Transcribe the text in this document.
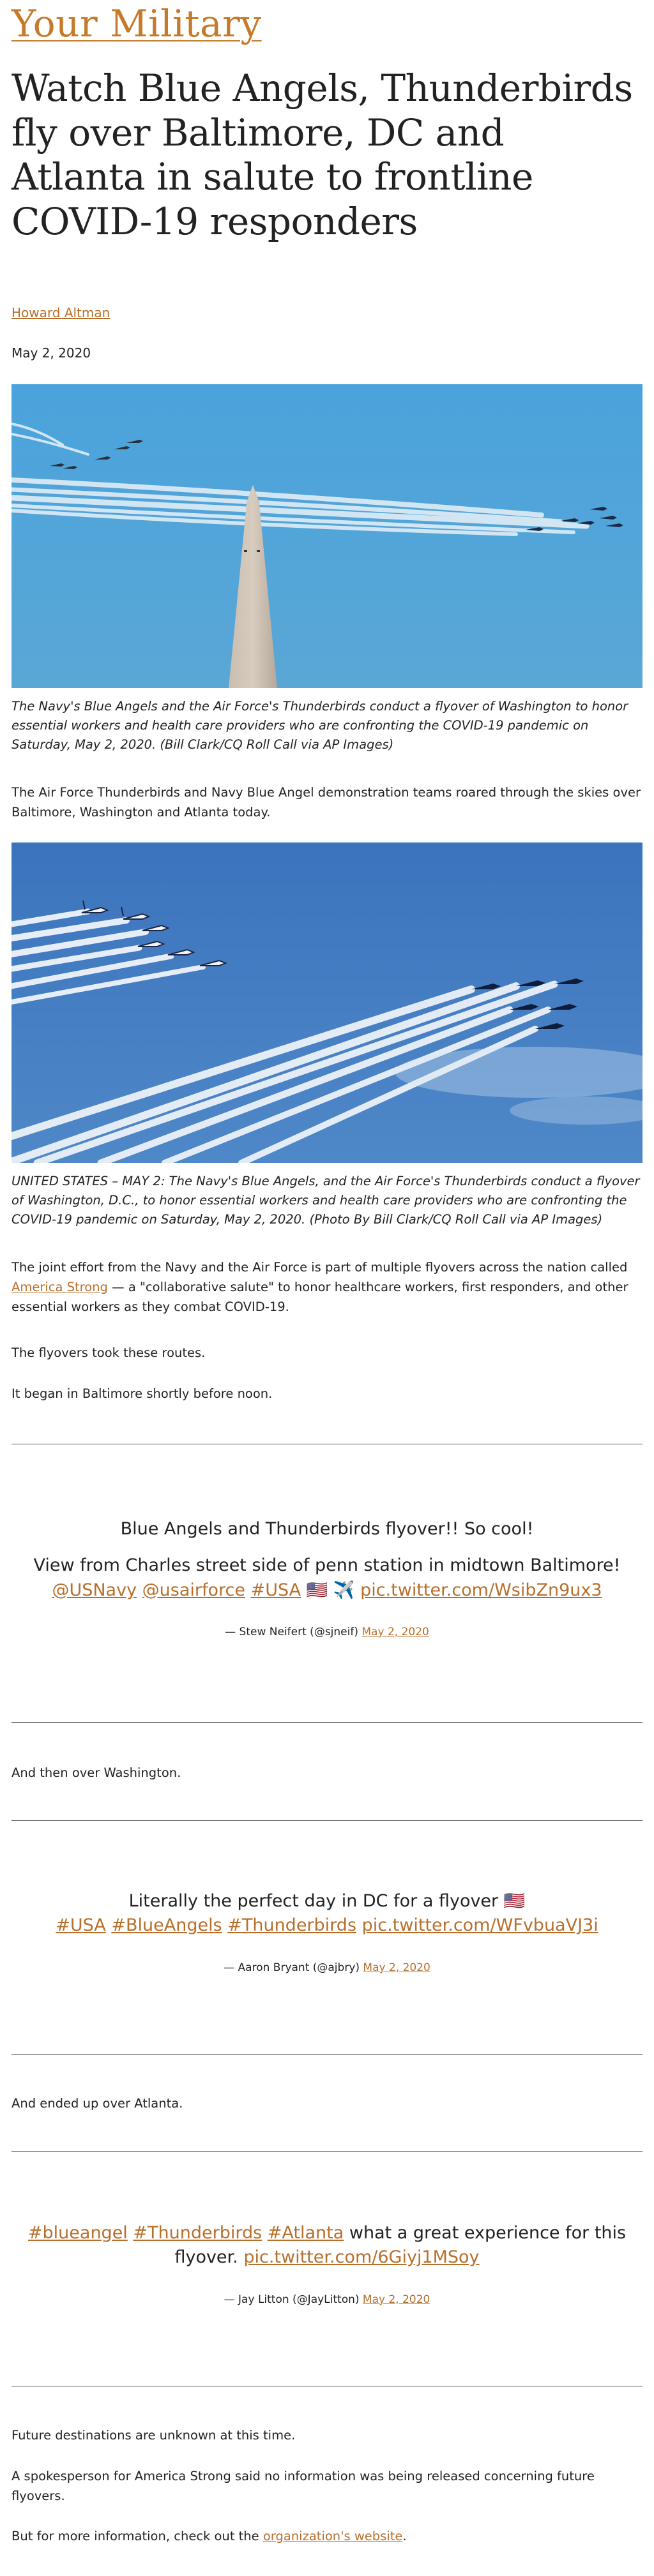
Your Military
Watch Blue Angels, Thunderbirds fly over Baltimore, DC and Atlanta in salute to frontline COVID-19 responders
Howard Altman
May 2, 2020
The Navy's Blue Angels and the Air Force's Thunderbirds conduct a flyover of Washington to honor essential workers and health care providers who are confronting the COVID-19 pandemic on Saturday, May 2, 2020. (Bill Clark/CQ Roll Call via AP Images)

The Air Force Thunderbirds and Navy Blue Angel demonstration teams roared through the skies over Baltimore, Washington and Atlanta today.

UNITED STATES – MAY 2: The Navy's Blue Angels, and the Air Force's Thunderbirds conduct a flyover of Washington, D.C., to honor essential workers and health care providers who are confronting the COVID-19 pandemic on Saturday, May 2, 2020. (Photo By Bill Clark/CQ Roll Call via AP Images)

The joint effort from the Navy and the Air Force is part of multiple flyovers across the nation called America Strong — a "collaborative salute" to honor healthcare workers, first responders, and other essential workers as they combat COVID-19.

The flyovers took these routes.

It began in Baltimore shortly before noon.

Blue Angels and Thunderbirds flyover!! So cool!
View from Charles street side of penn station in midtown Baltimore!
@USNavy @usairforce #USA 🇺🇸 ✈️ pic.twitter.com/WsibZn9ux3
— Stew Neifert (@sjneif) May 2, 2020

And then over Washington.

Literally the perfect day in DC for a flyover 🇺🇸
#USA #BlueAngels #Thunderbirds pic.twitter.com/WFvbuaVJ3i
— Aaron Bryant (@ajbry) May 2, 2020

And ended up over Atlanta.

#blueangel #Thunderbirds #Atlanta what a great experience for this flyover. pic.twitter.com/6Giyj1MSoy
— Jay Litton (@JayLitton) May 2, 2020

Future destinations are unknown at this time.

A spokesperson for America Strong said no information was being released concerning future flyovers.

But for more information, check out the organization's website.
